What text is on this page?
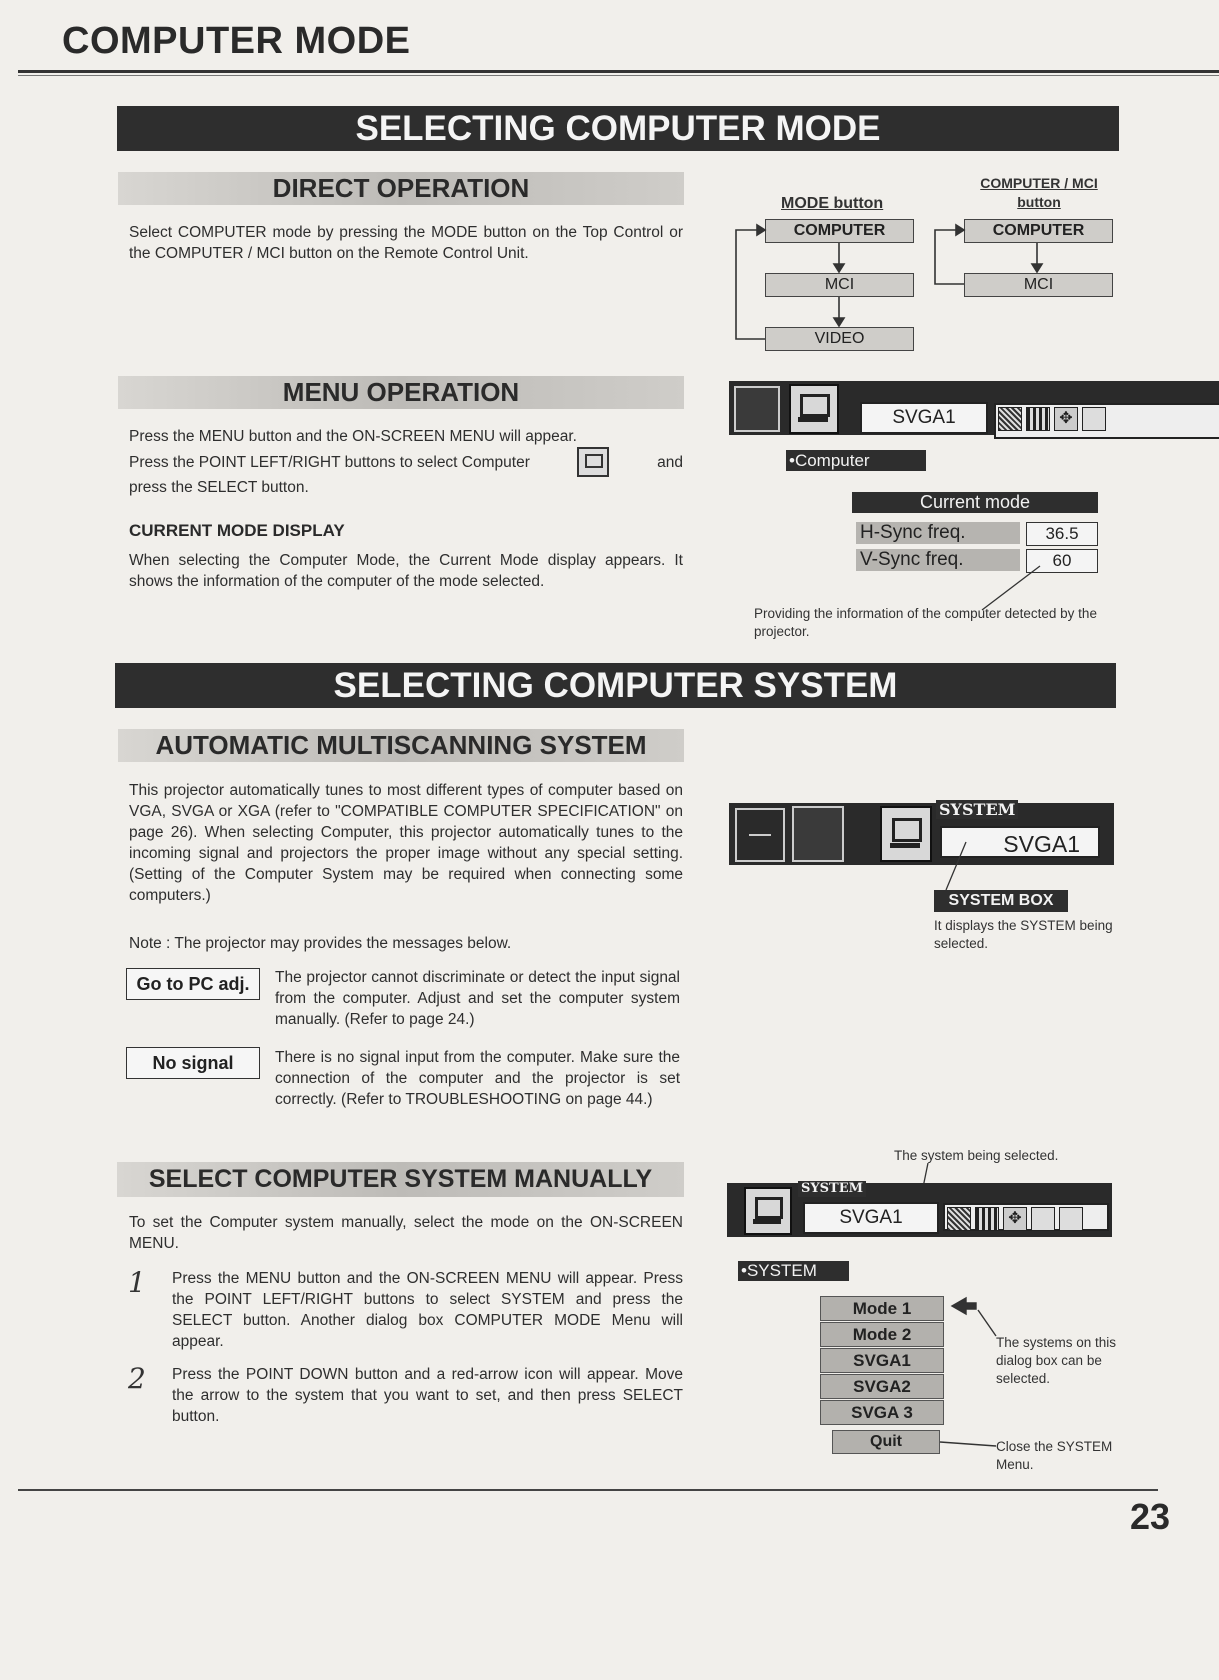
COMPUTER MODE
SELECTING COMPUTER MODE
DIRECT OPERATION
Select COMPUTER mode by pressing the MODE button on the Top Control or the COMPUTER / MCI button on the Remote Control Unit.
MODE button
COMPUTER / MCI
button
COMPUTER
MCI
VIDEO
COMPUTER
MCI
MENU OPERATION
Press the MENU button and the ON-SCREEN MENU will appear.
Press the POINT LEFT/RIGHT buttons to select Computer	and
press the SELECT button.
CURRENT MODE DISPLAY
When selecting the Computer Mode, the Current Mode display appears. It shows the information of the computer of the mode selected.
SVGA1	✥
•Computer
Current mode
H-Sync freq.	36.5
V-Sync freq.	60
Providing the information of the computer detected by the projector.
SELECTING COMPUTER SYSTEM
AUTOMATIC MULTISCANNING SYSTEM
This projector automatically tunes to most different types of computer based on VGA, SVGA or XGA (refer to "COMPATIBLE COMPUTER SPECIFICATION" on page 26). When selecting Computer, this projector automatically tunes to the incoming signal and projectors the proper image without any special setting. (Setting of the Computer System may be required when connecting some computers.)
Note : The projector may provides the messages below.
Go to PC adj.	The projector cannot discriminate or detect the input signal from the computer. Adjust and set the computer system manually. (Refer to page 24.)
No signal	There is no signal input from the computer. Make sure the connection of the computer and the projector is set correctly. (Refer to TROUBLESHOOTING on page 44.)
SYSTEM
SVGA1
SYSTEM BOX
It displays the SYSTEM being selected.
SELECT COMPUTER SYSTEM MANUALLY
To set the Computer system manually, select the mode on the ON-SCREEN MENU.
1 Press the MENU button and the ON-SCREEN MENU will appear. Press the POINT LEFT/RIGHT buttons to select SYSTEM and press the SELECT button. Another dialog box COMPUTER MODE Menu will appear.
2 Press the POINT DOWN button and a red-arrow icon will appear. Move the arrow to the system that you want to set, and then press SELECT button.
The system being selected.
SYSTEM
SVGA1	✥
•SYSTEM
Mode 1
Mode 2
SVGA1
SVGA2
SVGA 3
Quit
The systems on this dialog box can be selected.
Close the SYSTEM Menu.
23
